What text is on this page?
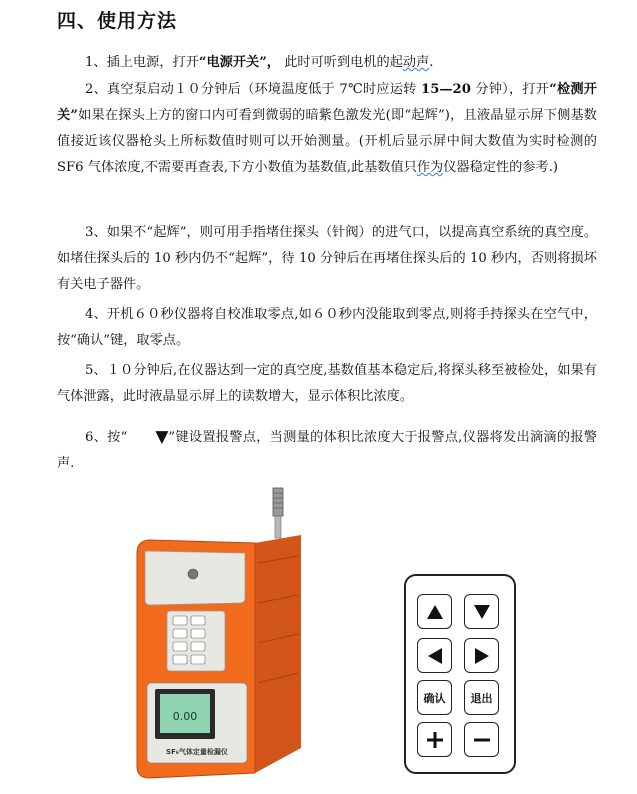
四、使用方法
1、插上电源，打开“电源开关”， 此时可听到电机的起动声.
2、真空泵启动１０分钟后（环境温度低于 7℃时应运转 15—20 分钟），打开“检测开关”如果在探头上方的窗口内可看到微弱的暗紫色激发光(即“起辉”)，且液晶显示屏下侧基数值接近该仪器枪头上所标数值时则可以开始测量。(开机后显示屏中间大数值为实时检测的 SF6 气体浓度,不需要再查表,下方小数值为基数值,此基数值只作为仪器稳定性的参考.)
3、如果不“起辉”，则可用手指堵住探头（针阀）的进气口，以提高真空系统的真空度。如堵住探头后的 10 秒内仍不“起辉”，待 10 分钟后在再堵住探头后的 10 秒内，否则将损坏有关电子器件。
4、开机６０秒仪器将自校准取零点,如６０秒内没能取到零点,则将手持探头在空气中，按“确认”键，取零点。
5、１０分钟后,在仪器达到一定的真空度,基数值基本稳定后,将探头移至被检处，如果有气体泄露，此时液晶显示屏上的读数增大，显示体积比浓度。
6、按“ ▼”键设置报警点，当测量的体积比浓度大于报警点,仪器将发出滴滴的报警声.
0.00
SF₆气体定量检漏仪
确认	退出
